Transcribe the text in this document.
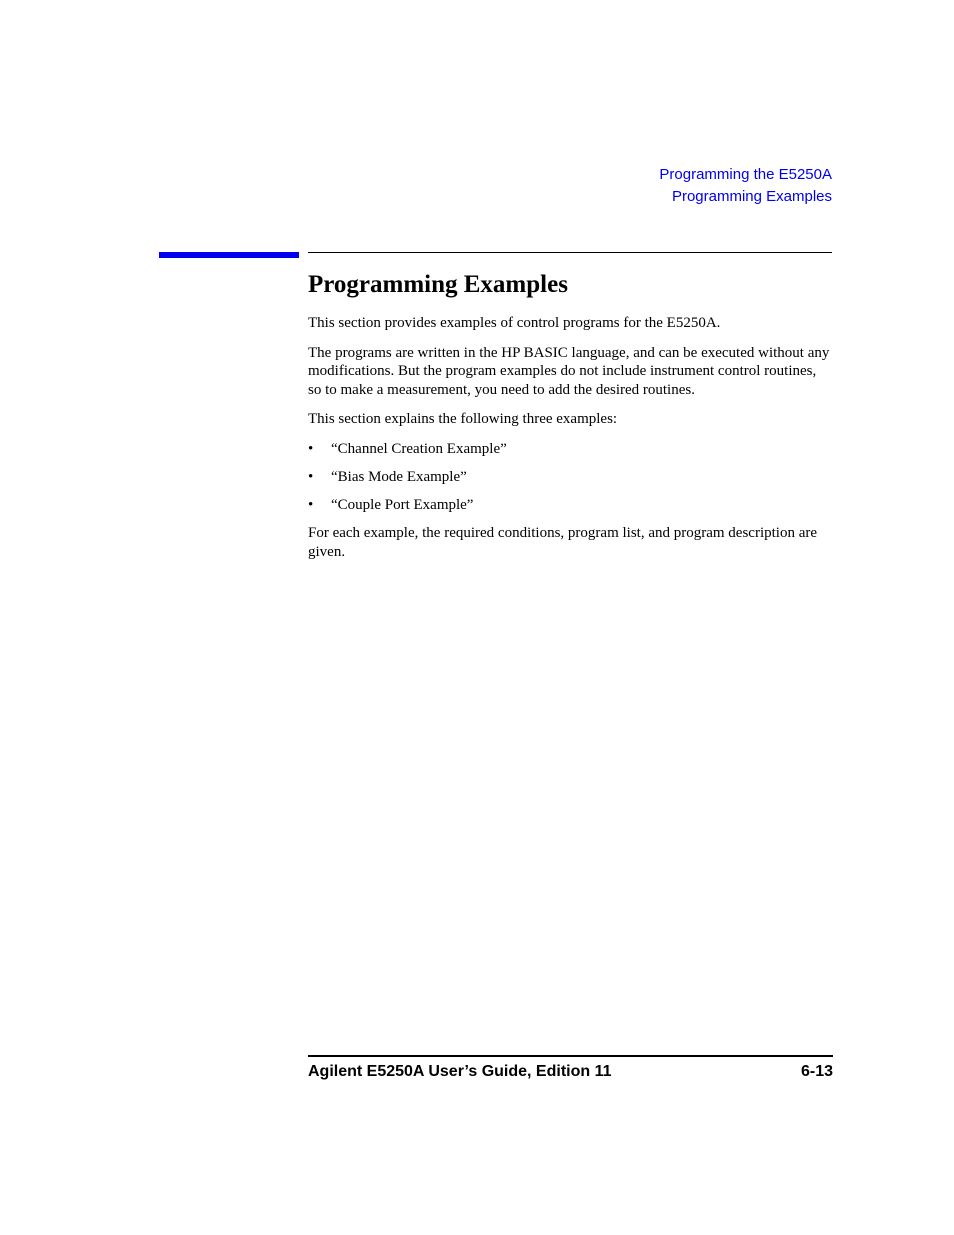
Programming the E5250A
Programming Examples
Programming Examples

This section provides examples of control programs for the E5250A.

The programs are written in the HP BASIC language, and can be executed without any modifications. But the program examples do not include instrument control routines, so to make a measurement, you need to add the desired routines.

This section explains the following three examples:

• “Channel Creation Example”
• “Bias Mode Example”
• “Couple Port Example”

For each example, the required conditions, program list, and program description are given.

Agilent E5250A User’s Guide, Edition 11	6-13
